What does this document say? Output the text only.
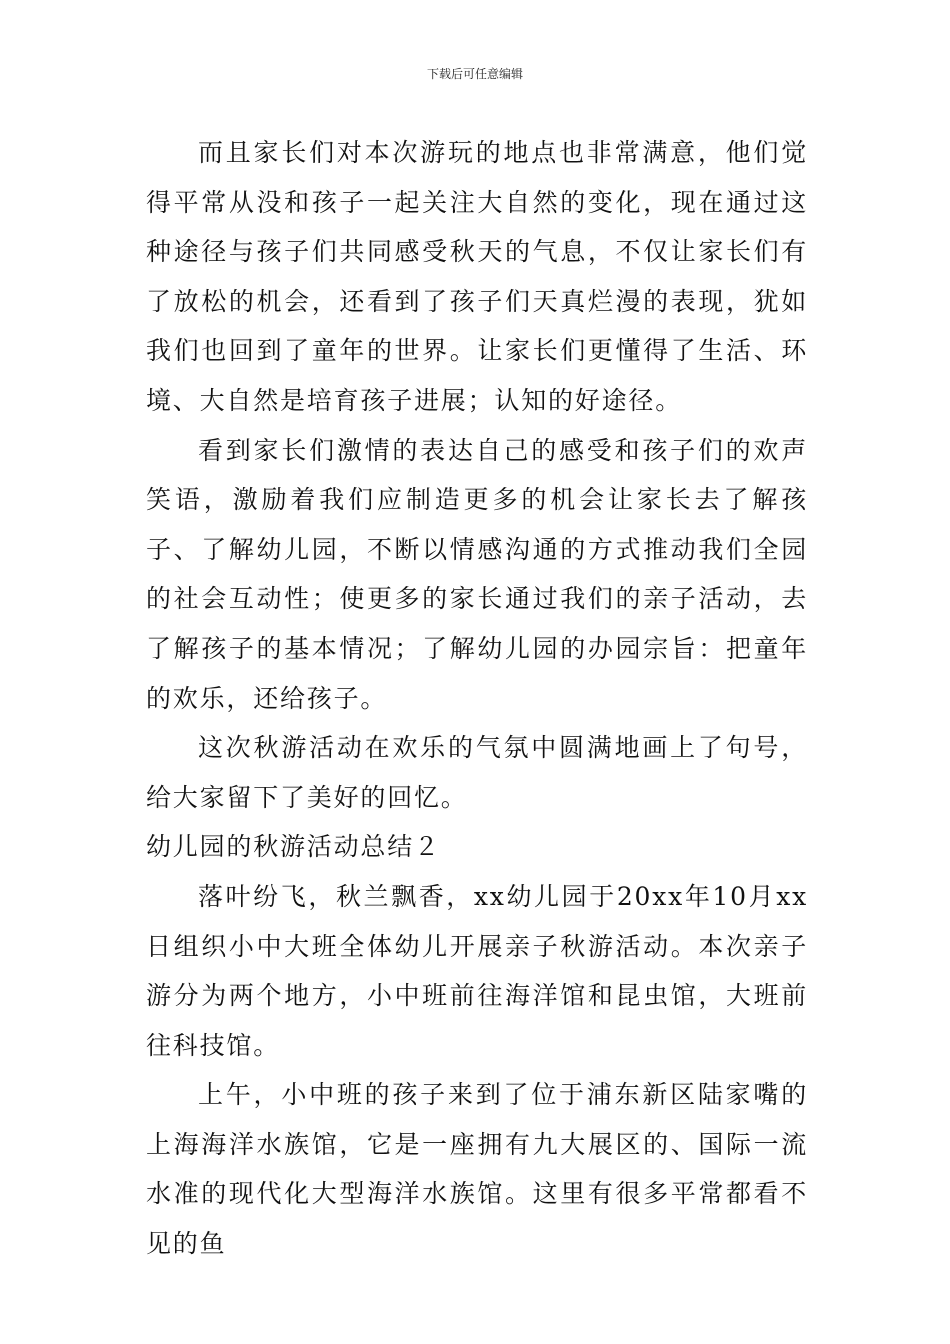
下载后可任意编辑

而且家长们对本次游玩的地点也非常满意，他们觉得平常从没和孩子一起关注大自然的变化，现在通过这种途径与孩子们共同感受秋天的气息，不仅让家长们有了放松的机会，还看到了孩子们天真烂漫的表现，犹如我们也回到了童年的世界。让家长们更懂得了生活、环境、大自然是培育孩子进展；认知的好途径。

看到家长们激情的表达自己的感受和孩子们的欢声笑语，激励着我们应制造更多的机会让家长去了解孩子、了解幼儿园，不断以情感沟通的方式推动我们全园的社会互动性；使更多的家长通过我们的亲子活动，去了解孩子的基本情况；了解幼儿园的办园宗旨：把童年的欢乐，还给孩子。

这次秋游活动在欢乐的气氛中圆满地画上了句号，给大家留下了美好的回忆。

幼儿园的秋游活动总结２

落叶纷飞，秋兰飘香，xx幼儿园于20xx年10月xx日组织小中大班全体幼儿开展亲子秋游活动。本次亲子游分为两个地方，小中班前往海洋馆和昆虫馆，大班前往科技馆。

上午，小中班的孩子来到了位于浦东新区陆家嘴的上海海洋水族馆，它是一座拥有九大展区的、国际一流水准的现代化大型海洋水族馆。这里有很多平常都看不见的鱼
